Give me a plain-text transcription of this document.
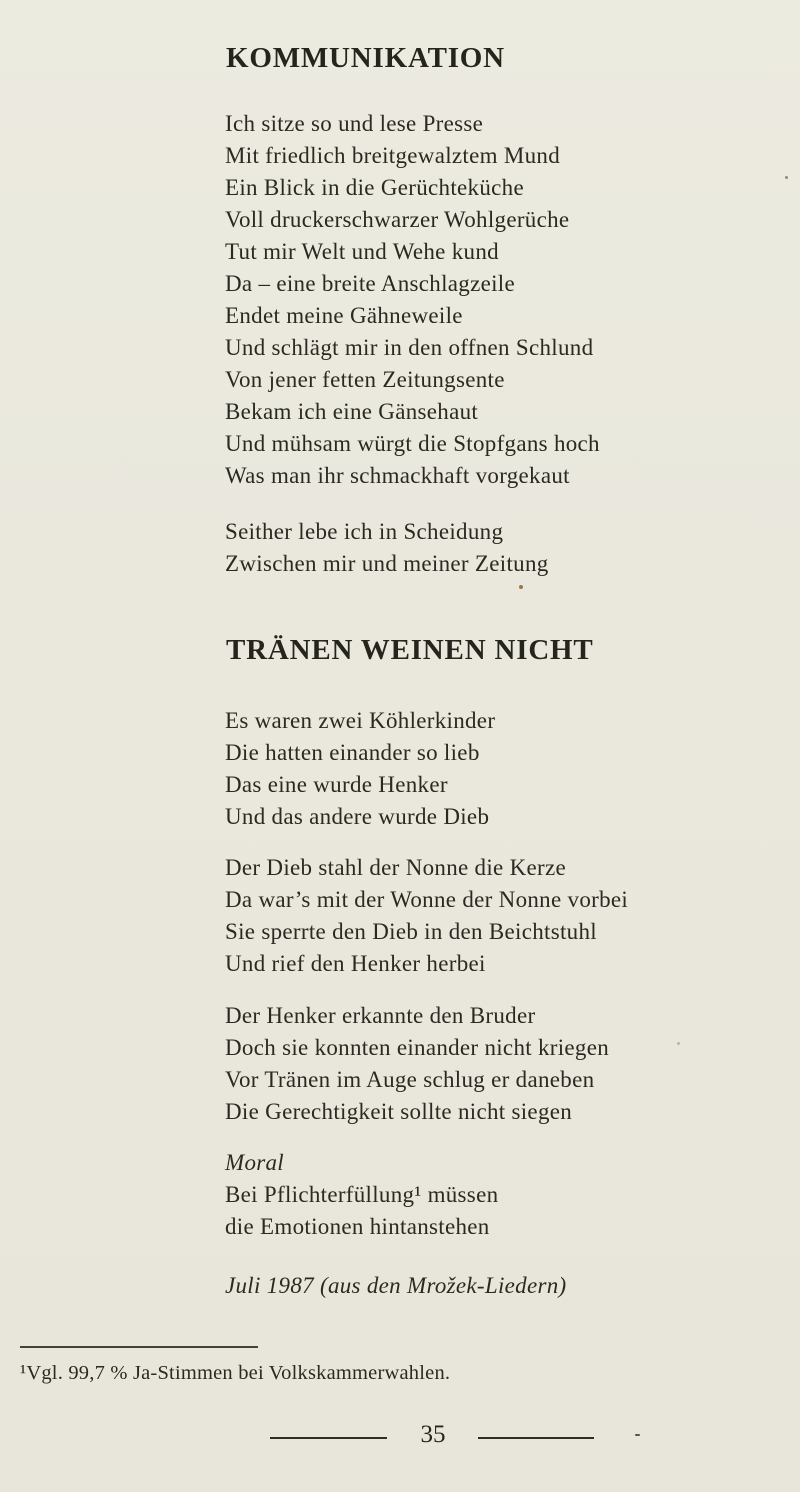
KOMMUNIKATION
Ich sitze so und lese Presse
Mit friedlich breitgewalztem Mund
Ein Blick in die Gerüchteküche
Voll druckerschwarzer Wohlgerüche
Tut mir Welt und Wehe kund
Da – eine breite Anschlagzeile
Endet meine Gähneweile
Und schlägt mir in den offnen Schlund
Von jener fetten Zeitungsente
Bekam ich eine Gänsehaut
Und mühsam würgt die Stopfgans hoch
Was man ihr schmackhaft vorgekaut
Seither lebe ich in Scheidung
Zwischen mir und meiner Zeitung
TRÄNEN WEINEN NICHT
Es waren zwei Köhlerkinder
Die hatten einander so lieb
Das eine wurde Henker
Und das andere wurde Dieb
Der Dieb stahl der Nonne die Kerze
Da war’s mit der Wonne der Nonne vorbei
Sie sperrte den Dieb in den Beichtstuhl
Und rief den Henker herbei
Der Henker erkannte den Bruder
Doch sie konnten einander nicht kriegen
Vor Tränen im Auge schlug er daneben
Die Gerechtigkeit sollte nicht siegen
Moral
Bei Pflichterfüllung¹ müssen
die Emotionen hintanstehen
Juli 1987 (aus den Mrožek-Liedern)
¹Vgl. 99,7 % Ja-Stimmen bei Volkskammerwahlen.
35
